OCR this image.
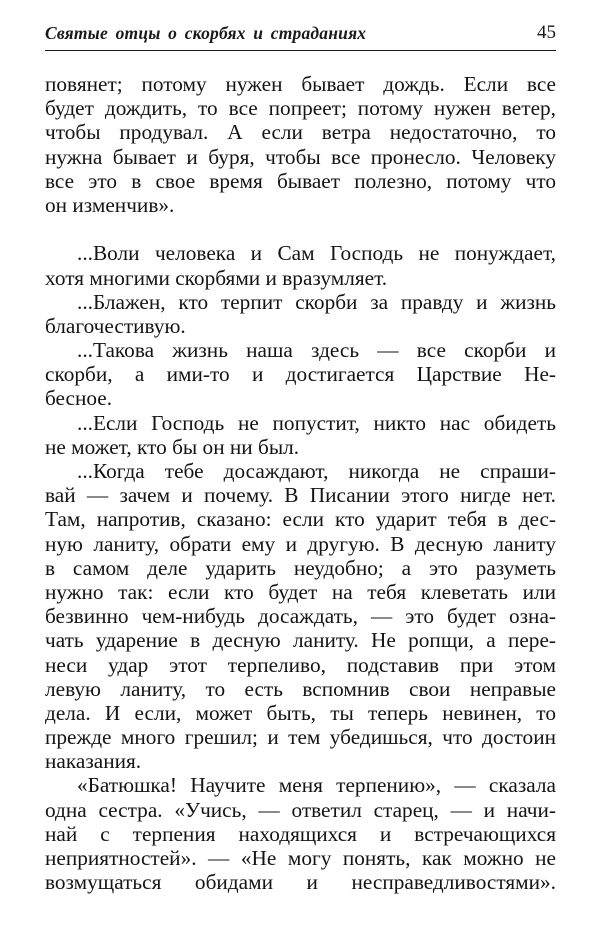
Святые отцы о скорбях и страданиях	45
повянет; потому нужен бывает дождь. Если все
будет дождить, то все попреет; потому нужен ветер,
чтобы продувал. А если ветра недостаточно, то
нужна бывает и буря, чтобы все пронесло. Человеку
все это в свое время бывает полезно, потому что
он изменчив».
...Воли человека и Сам Господь не понуждает,
хотя многими скорбями и вразумляет.
...Блажен, кто терпит скорби за правду и жизнь
благочестивую.
...Такова жизнь наша здесь — все скорби и
скорби, а ими-то и достигается Царствие Не-
бесное.
...Если Господь не попустит, никто нас обидеть
не может, кто бы он ни был.
...Когда тебе досаждают, никогда не спраши-
вай — зачем и почему. В Писании этого нигде нет.
Там, напротив, сказано: если кто ударит тебя в дес-
ную ланиту, обрати ему и другую. В десную ланиту
в самом деле ударить неудобно; а это разуметь
нужно так: если кто будет на тебя клеветать или
безвинно чем-нибудь досаждать, — это будет озна-
чать ударение в десную ланиту. Не ропщи, а пере-
неси удар этот терпеливо, подставив при этом
левую ланиту, то есть вспомнив свои неправые
дела. И если, может быть, ты теперь невинен, то
прежде много грешил; и тем убедишься, что достоин
наказания.
«Батюшка! Научите меня терпению», — сказала
одна сестра. «Учись, — ответил старец, — и начи-
най с терпения находящихся и встречающихся
неприятностей». — «Не могу понять, как можно не
возмущаться обидами и несправедливостями».
